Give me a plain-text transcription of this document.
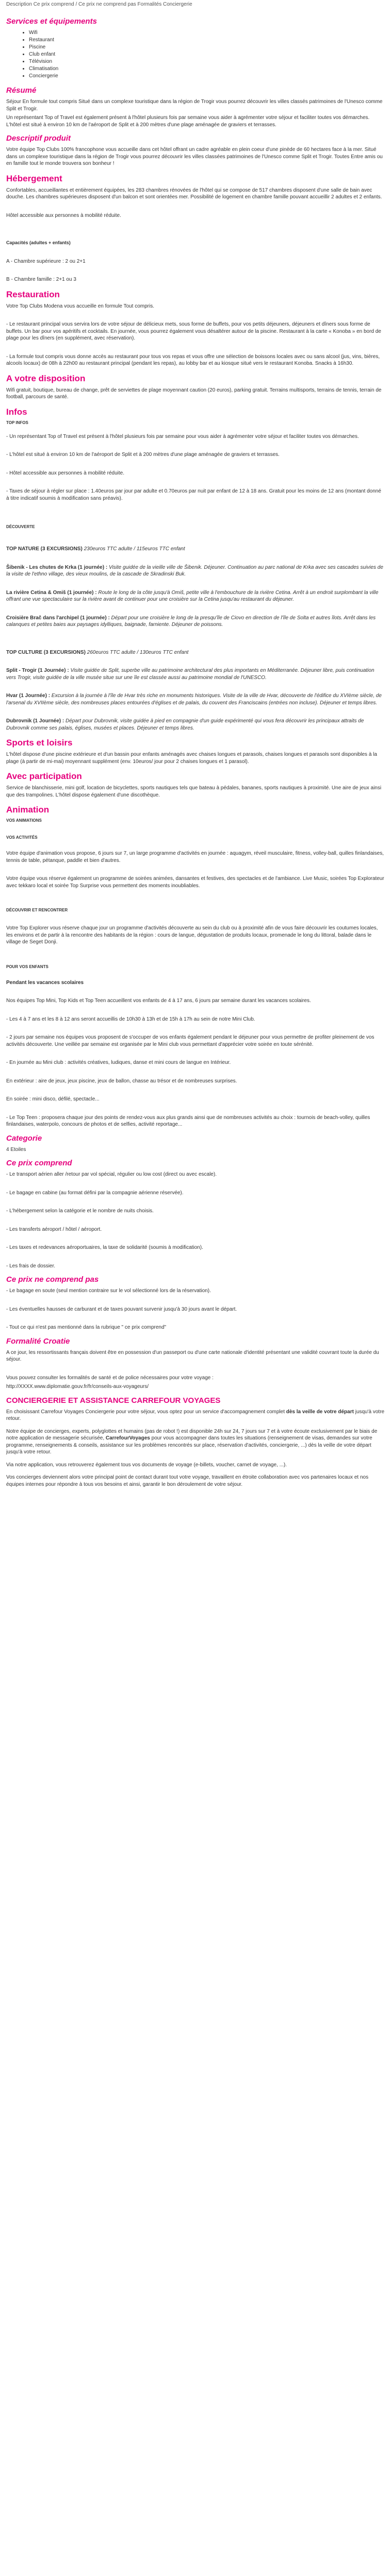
Description Ce prix comprend / Ce prix ne comprend pas Formalités Conciergerie
Services et équipements
• Wifi
• Restaurant
• Piscine
• Club enfant
• Télévision
• Climatisation
• Conciergerie
Résumé

Séjour En formule tout compris Situé dans un complexe touristique dans la région de Trogir vous pourrez découvrir les villes classés patrimoines de l'Unesco comme Split et Trogir.

Un représentant Top of Travel est également présent à l'hôtel plusieurs fois par semaine vous aider à agrémenter votre séjour et faciliter toutes vos démarches. L'hôtel est situé à environ 10 km de l'aéroport de Split et à 200 mètres d'une plage aménagée de graviers et terrasses.

Descriptif produit

Votre équipe Top Clubs 100% francophone vous accueille dans cet hôtel offrant un cadre agréable en plein coeur d'une pinède de 60 hectares face à la mer. Situé dans un complexe touristique dans la région de Trogir vous pourrez découvrir les villes classées patrimoines de l'Unesco comme Split et Trogir. Toutes Entre amis ou en famille tout le monde trouvera son bonheur !

Hébergement

Confortables, accueillantes et entièrement équipées, les 283 chambres rénovées de l'hôtel qui se compose de 517 chambres disposent d'une salle de bain avec douche. Les chambres supérieures disposent d'un balcon et sont orientées mer. Possibilité de logement en chambre famille pouvant accueillir 2 adultes et 2 enfants.

Hôtel accessible aux personnes à mobilité réduite.

Capacités (adultes + enfants)

A - Chambre supérieure : 2 ou 2+1

B - Chambre famille : 2+1 ou 3

Restauration

Votre Top Clubs Modena vous accueille en formule Tout compris.

- Le restaurant principal vous servira lors de votre séjour de délicieux mets, sous forme de buffets, pour vos petits déjeuners, déjeuners et dîners sous forme de buffets. Un bar pour vos apéritifs et cocktails. En journée, vous pourrez également vous désaltérer autour de la piscine. Restaurant à la carte « Konoba » en bord de plage pour les dîners (en supplément, avec réservation).

- La formule tout compris vous donne accès au restaurant pour tous vos repas et vous offre une sélection de boissons locales avec ou sans alcool (jus, vins, bières, alcools locaux) de 08h à 22h00 au restaurant principal (pendant les repas), au lobby bar et au kiosque situé vers le restaurant Konoba. Snacks à 16h30.

A votre disposition

Wifi gratuit, boutique, bureau de change, prêt de serviettes de plage moyennant caution (20 euros), parking gratuit. Terrains multisports, terrains de tennis, terrain de football, parcours de santé.

Infos
TOP INFOS

- Un représentant Top of Travel est présent à l'hôtel plusieurs fois par semaine pour vous aider à agrémenter votre séjour et faciliter toutes vos démarches.

- L'hôtel est situé à environ 10 km de l'aéroport de Split et à 200 mètres d'une plage aménagée de graviers et terrasses.

- Hôtel accessible aux personnes à mobilité réduite.

- Taxes de séjour à régler sur place : 1.40euros par jour par adulte et 0.70euros par nuit par enfant de 12 à 18 ans. Gratuit pour les moins de 12 ans (montant donné à titre indicatif soumis à modification sans préavis).

DÉCOUVERTE

TOP NATURE (3 EXCURSIONS) 230euros TTC adulte / 115euros TTC enfant

Šibenik - Les chutes de Krka (1 journée) : Visite guidée de la vieille ville de Šibenik. Déjeuner. Continuation au parc national de Krka avec ses cascades suivies de la visite de l'ethno village, des vieux moulins, de la cascade de Skradinski Buk.

La rivière Cetina & Omiš (1 journée) : Route le long de la côte jusqu'à Omiš, petite ville à l'embouchure de la rivière Cetina. Arrêt à un endroit surplombant la ville offrant une vue spectaculaire sur la rivière avant de continuer pour une croisière sur la Cetina jusqu'au restaurant du déjeuner.

Croisière Brač dans l'archipel (1 journée) : Départ pour une croisière le long de la presqu'île de Ciovo en direction de l'île de Solta et autres îlots. Arrêt dans les calanques et petites baies aux paysages idylliques, baignade, farniente. Déjeuner de poissons.

TOP CULTURE (3 EXCURSIONS) 260euros TTC adulte / 130euros TTC enfant

Split - Trogir (1 Journée) : Visite guidée de Split, superbe ville au patrimoine architectural des plus importants en Méditerranée. Déjeuner libre, puis continuation vers Trogir, visite guidée de la ville musée situe sur une île est classée aussi au patrimoine mondial de l'UNESCO.

Hvar (1 Journée) : Excursion à la journée à l'île de Hvar très riche en monuments historiques. Visite de la ville de Hvar, découverte de l'édifice du XVIème siècle, de l'arsenal du XVIIème siècle, des nombreuses places entourées d'églises et de palais, du couvent des Franciscains (entrées non incluse). Déjeuner et temps libres.

Dubrovnik (1 Journée) : Départ pour Dubrovnik, visite guidée à pied en compagnie d'un guide expérimenté qui vous fera découvrir les principaux attraits de Dubrovnik comme ses palais, églises, musées et places. Déjeuner et temps libres.

Sports et loisirs

L'hôtel dispose d'une piscine extérieure et d'un bassin pour enfants aménagés avec chaises longues et parasols, chaises longues et parasols sont disponibles à la plage (à partir de mi-mai) moyennant supplément (env. 10euros/ jour pour 2 chaises longues et 1 parasol).

Avec participation

Service de blanchisserie, mini golf, location de bicyclettes, sports nautiques tels que bateau à pédales, bananes, sports nautiques à proximité. Une aire de jeux ainsi que des trampolines. L'hôtel dispose également d'une discothèque.

Animation
VOS ANIMATIONS
VOS ACTIVITÉS

Votre équipe d'animation vous propose, 6 jours sur 7, un large programme d'activités en journée : aquagym, réveil musculaire, fitness, volley-ball, quilles finlandaises, tennis de table, pétanque, paddle et bien d'autres.

Votre équipe vous réserve également un programme de soirées animées, dansantes et festives, des spectacles et de l'ambiance. Live Music, soirées Top Explorateur avec tekkaro local et soirée Top Surprise vous permettent des moments inoubliables.

DÉCOUVRIR ET RENCONTRER

Votre Top Explorer vous réserve chaque jour un programme d'activités découverte au sein du club ou à proximité afin de vous faire découvrir les coutumes locales, les environs et de partir à la rencontre des habitants de la région : cours de langue, dégustation de produits locaux, promenade le long du littoral, balade dans le village de Seget Donji.

POUR VOS ENFANTS

Pendant les vacances scolaires

Nos équipes Top Mini, Top Kids et Top Teen accueillent vos enfants de 4 à 17 ans, 6 jours par semaine durant les vacances scolaires.

- Les 4 à 7 ans et les 8 à 12 ans seront accueillis de 10h30 à 13h et de 15h à 17h au sein de notre Mini Club.

- 2 jours par semaine nos équipes vous proposent de s'occuper de vos enfants également pendant le déjeuner pour vous permettre de profiter pleinement de vos activités découverte. Une veillée par semaine est organisée par le Mini club vous permettant d'apprécier votre soirée en toute sérénité.

- En journée au Mini club : activités créatives, ludiques, danse et mini cours de langue en Intérieur.

En extérieur : aire de jeux, jeux piscine, jeux de ballon, chasse au trésor et de nombreuses surprises.

En soirée : mini disco, défilé, spectacle...

- Le Top Teen : proposera chaque jour des points de rendez-vous aux plus grands ainsi que de nombreuses activités au choix : tournois de beach-volley, quilles finlandaises, waterpolo, concours de photos et de selfies, activité reportage...

Categorie

4 Etoiles

Ce prix comprend

- Le transport aérien aller /retour par vol spécial, régulier ou low cost (direct ou avec escale).

- Le bagage en cabine (au format défini par la compagnie aérienne réservée).

- L'hébergement selon la catégorie et le nombre de nuits choisis.

- Les transferts aéroport / hôtel / aéroport.

- Les taxes et redevances aéroportuaires, la taxe de solidarité (soumis à modification).

- Les frais de dossier.

Ce prix ne comprend pas

- Le bagage en soute (seul mention contraire sur le vol sélectionné lors de la réservation).

- Les éventuelles hausses de carburant et de taxes pouvant survenir jusqu'à 30 jours avant le départ.

- Tout ce qui n'est pas mentionné dans la rubrique " ce prix comprend"

Formalité Croatie

A ce jour, les ressortissants français doivent être en possession d'un passeport ou d'une carte nationale d'identité présentant une validité couvrant toute la durée du séjour.

Vous pouvez consulter les formalités de santé et de police nécessaires pour votre voyage :

http://XXXX.www.diplomatie.gouv.fr/fr/conseils-aux-voyageurs/

CONCIERGERIE ET ASSISTANCE CARREFOUR VOYAGES

En choisissant Carrefour Voyages Conciergerie pour votre séjour, vous optez pour un service d'accompagnement complet dès la veille de votre départ jusqu'à votre retour.

Notre équipe de concierges, experts, polyglottes et humains (pas de robot !) est disponible 24h sur 24, 7 jours sur 7 et à votre écoute exclusivement par le biais de notre application de messagerie sécurisée, CarrefourVoyages pour vous accompagner dans toutes les situations (renseignement de visas, demandes sur votre programme, renseignements & conseils, assistance sur les problèmes rencontrés sur place, réservation d'activités, conciergerie, ...) dès la veille de votre départ jusqu'à votre retour.

Via notre application, vous retrouverez également tous vos documents de voyage (e-billets, voucher, carnet de voyage, ...).

Vos concierges deviennent alors votre principal point de contact durant tout votre voyage, travaillent en étroite collaboration avec vos partenaires locaux et nos équipes internes pour répondre à tous vos besoins et ainsi, garantir le bon déroulement de votre séjour.
